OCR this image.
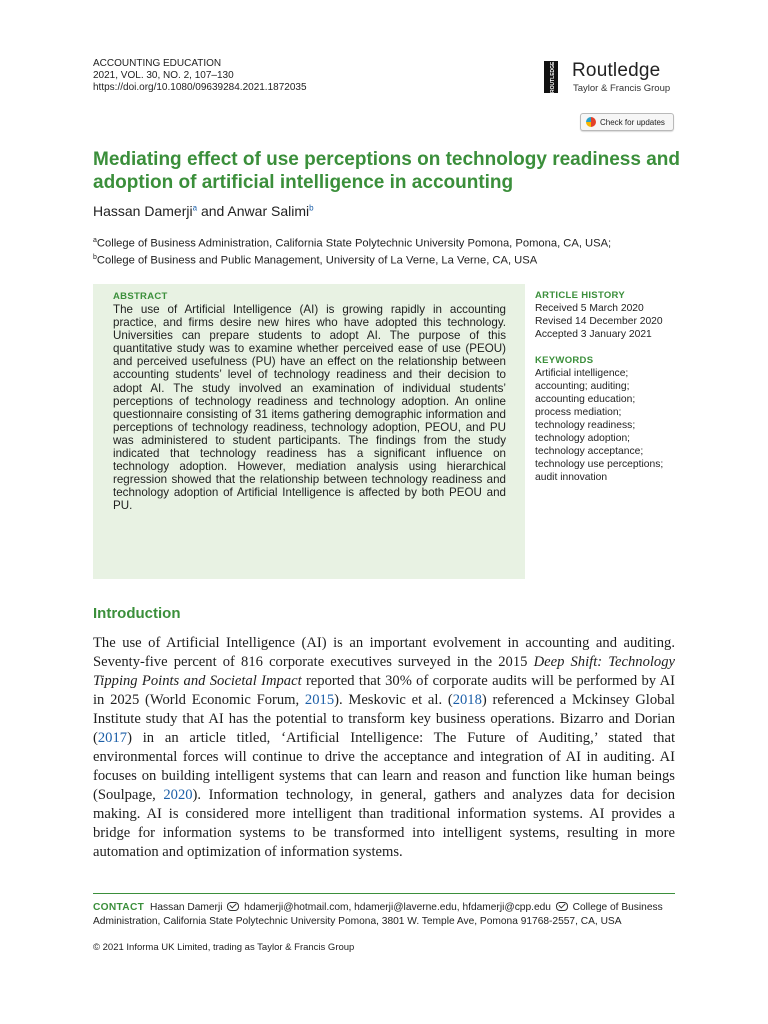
ACCOUNTING EDUCATION
2021, VOL. 30, NO. 2, 107–130
https://doi.org/10.1080/09639284.2021.1872035	ROUTLEDGE Routledge
Taylor & Francis Group
Check for updates
Mediating effect of use perceptions on technology readiness and adoption of artificial intelligence in accounting
Hassan Damerji$^a$ and Anwar Salimi$^b$
$^a$College of Business Administration, California State Polytechnic University Pomona, Pomona, CA, USA;
$^b$College of Business and Public Management, University of La Verne, La Verne, CA, USA
ABSTRACT
The use of Artificial Intelligence (AI) is growing rapidly in accounting practice, and firms desire new hires who have adopted this technology. Universities can prepare students to adopt AI. The purpose of this quantitative study was to examine whether perceived ease of use (PEOU) and perceived usefulness (PU) have an effect on the relationship between accounting students’ level of technology readiness and their decision to adopt AI. The study involved an examination of individual students’ perceptions of technology readiness and technology adoption. An online questionnaire consisting of 31 items gathering demographic information and perceptions of technology readiness, technology adoption, PEOU, and PU was administered to student participants. The findings from the study indicated that technology readiness has a significant influence on technology adoption. However, mediation analysis using hierarchical regression showed that the relationship between technology readiness and technology adoption of Artificial Intelligence is affected by both PEOU and PU.
ARTICLE HISTORY
Received 5 March 2020
Revised 14 December 2020
Accepted 3 January 2021
KEYWORDS
Artificial intelligence;
accounting; auditing;
accounting education;
process mediation;
technology readiness;
technology adoption;
technology acceptance;
technology use perceptions;
audit innovation
Introduction
The use of Artificial Intelligence (AI) is an important evolvement in accounting and auditing. Seventy-five percent of 816 corporate executives surveyed in the 2015 Deep Shift: Technology Tipping Points and Societal Impact reported that 30% of corporate audits will be performed by AI in 2025 (World Economic Forum, 2015). Meskovic et al. (2018) referenced a Mckinsey Global Institute study that AI has the potential to transform key business operations. Bizarro and Dorian (2017) in an article titled, ‘Artificial Intelligence: The Future of Auditing,’ stated that environmental forces will continue to drive the acceptance and integration of AI in auditing. AI focuses on building intelligent systems that can learn and reason and function like human beings (Soulpage, 2020). Information technology, in general, gathers and analyzes data for decision making. AI is considered more intelligent than traditional information systems. AI provides a bridge for information systems to be transformed into intelligent systems, resulting in more automation and optimization of information systems.
CONTACT Hassan Damerji hdamerji@hotmail.com, hdamerji@laverne.edu, hfdamerji@cpp.edu College of Business Administration, California State Polytechnic University Pomona, 3801 W. Temple Ave, Pomona 91768-2557, CA, USA
© 2021 Informa UK Limited, trading as Taylor & Francis Group
